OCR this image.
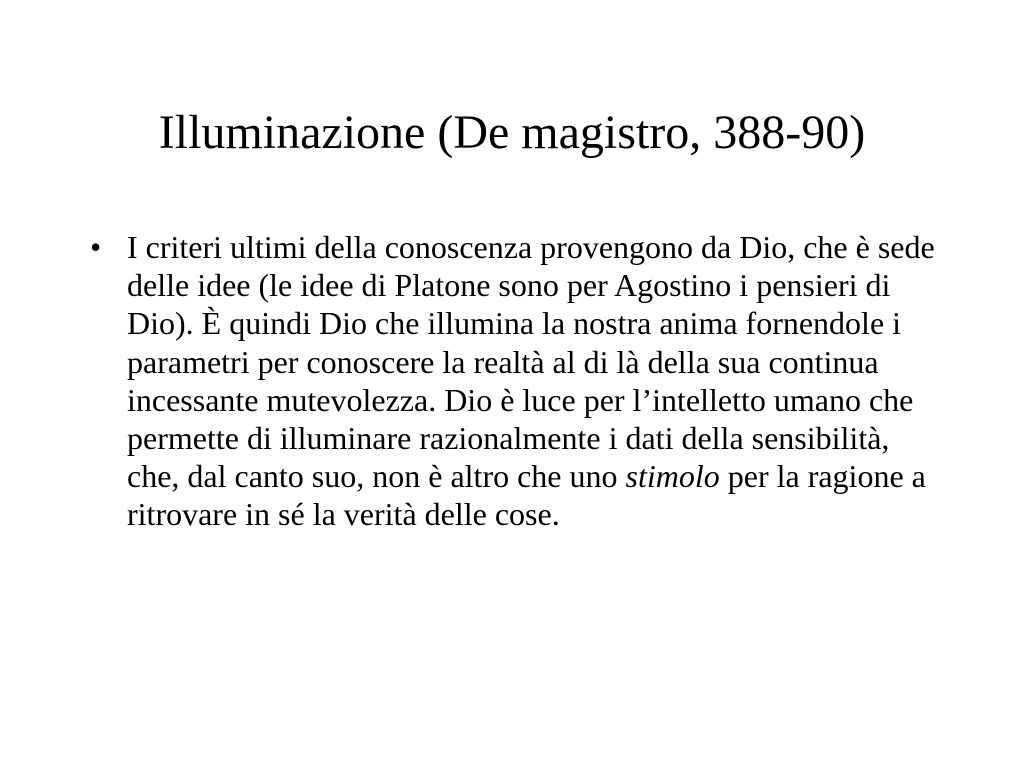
Illuminazione (De magistro, 388-90)
• I criteri ultimi della conoscenza provengono da Dio, che è sede delle idee (le idee di Platone sono per Agostino i pensieri di Dio). È quindi Dio che illumina la nostra anima fornendole i parametri per conoscere la realtà al di là della sua continua incessante mutevolezza. Dio è luce per l’intelletto umano che permette di illuminare razionalmente i dati della sensibilità, che, dal canto suo, non è altro che uno stimolo per la ragione a ritrovare in sé la verità delle cose.
